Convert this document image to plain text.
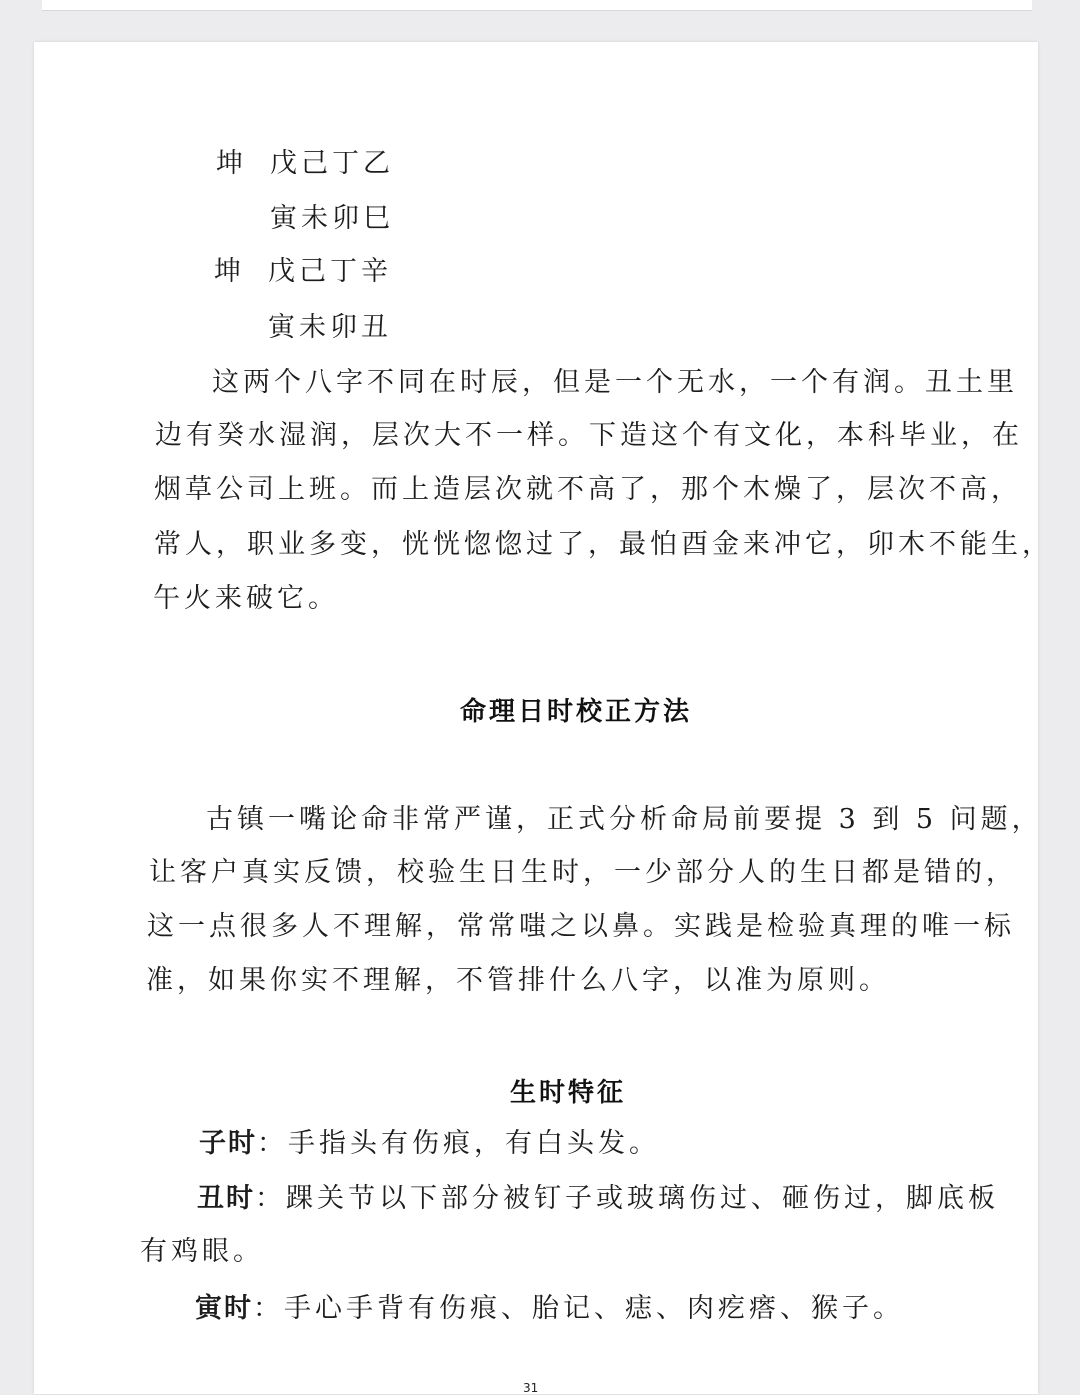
坤 戊己丁乙
寅未卯巳
坤 戊己丁辛
寅未卯丑
这两个八字不同在时辰，但是一个无水，一个有润。丑土里
边有癸水湿润，层次大不一样。下造这个有文化，本科毕业，在
烟草公司上班。而上造层次就不高了，那个木燥了，层次不高，
常人，职业多变，恍恍惚惚过了，最怕酉金来冲它，卯木不能生，
午火来破它。
命理日时校正方法
古镇一嘴论命非常严谨，正式分析命局前要提 3 到 5 问题，
让客户真实反馈，校验生日生时，一少部分人的生日都是错的，
这一点很多人不理解，常常嗤之以鼻。实践是检验真理的唯一标
准，如果你实不理解，不管排什么八字，以准为原则。
生时特征
子时：手指头有伤痕，有白头发。
丑时：踝关节以下部分被钉子或玻璃伤过、砸伤过，脚底板
有鸡眼。
寅时：手心手背有伤痕、胎记、痣、肉疙瘩、猴子。
31
